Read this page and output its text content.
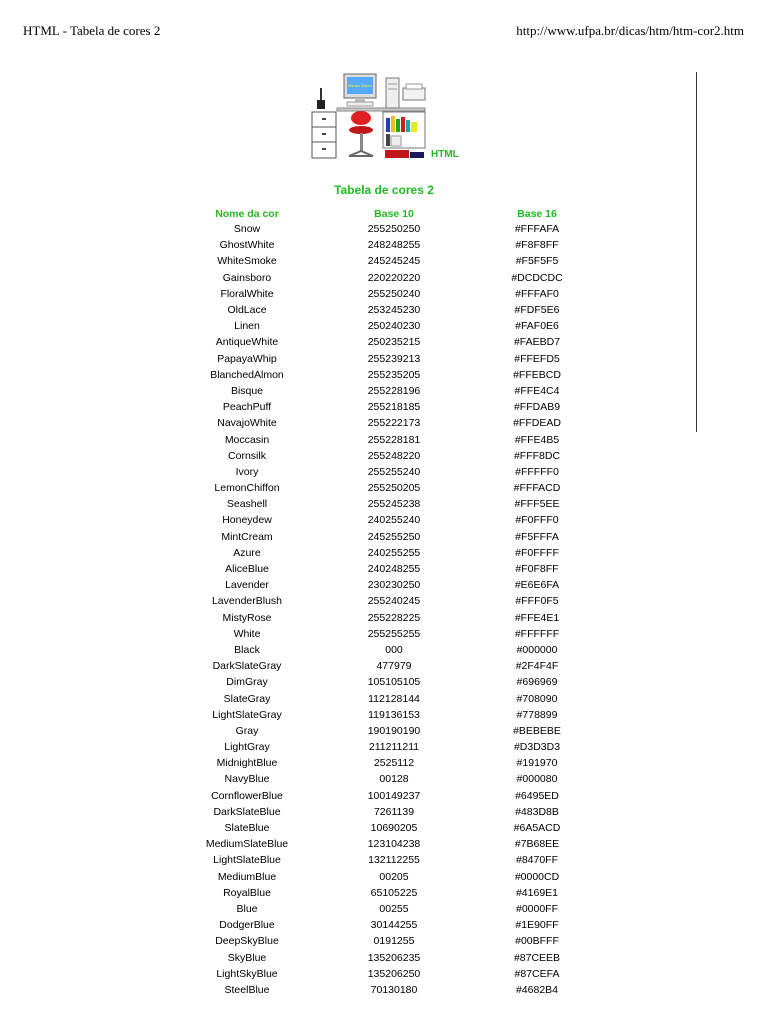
HTML - Tabela de cores 2	http://www.ufpa.br/dicas/htm/htm-cor2.htm
Marlon Storm
HTML
Tabela de cores 2
Nome da cor	Base 10	Base 16
Snow	255250250	#FFFAFA
GhostWhite	248248255	#F8F8FF
WhiteSmoke	245245245	#F5F5F5
Gainsboro	220220220	#DCDCDC
FloralWhite	255250240	#FFFAF0
OldLace	253245230	#FDF5E6
Linen	250240230	#FAF0E6
AntiqueWhite	250235215	#FAEBD7
PapayaWhip	255239213	#FFEFD5
BlanchedAlmon	255235205	#FFEBCD
Bisque	255228196	#FFE4C4
PeachPuff	255218185	#FFDAB9
NavajoWhite	255222173	#FFDEAD
Moccasin	255228181	#FFE4B5
Cornsilk	255248220	#FFF8DC
Ivory	255255240	#FFFFF0
LemonChiffon	255250205	#FFFACD
Seashell	255245238	#FFF5EE
Honeydew	240255240	#F0FFF0
MintCream	245255250	#F5FFFA
Azure	240255255	#F0FFFF
AliceBlue	240248255	#F0F8FF
Lavender	230230250	#E6E6FA
LavenderBlush	255240245	#FFF0F5
MistyRose	255228225	#FFE4E1
White	255255255	#FFFFFF
Black	000	#000000
DarkSlateGray	477979	#2F4F4F
DimGray	105105105	#696969
SlateGray	112128144	#708090
LightSlateGray	119136153	#778899
Gray	190190190	#BEBEBE
LightGray	211211211	#D3D3D3
MidnightBlue	2525112	#191970
NavyBlue	00128	#000080
CornflowerBlue	100149237	#6495ED
DarkSlateBlue	7261139	#483D8B
SlateBlue	10690205	#6A5ACD
MediumSlateBlue	123104238	#7B68EE
LightSlateBlue	132112255	#8470FF
MediumBlue	00205	#0000CD
RoyalBlue	65105225	#4169E1
Blue	00255	#0000FF
DodgerBlue	30144255	#1E90FF
DeepSkyBlue	0191255	#00BFFF
SkyBlue	135206235	#87CEEB
LightSkyBlue	135206250	#87CEFA
SteelBlue	70130180	#4682B4
